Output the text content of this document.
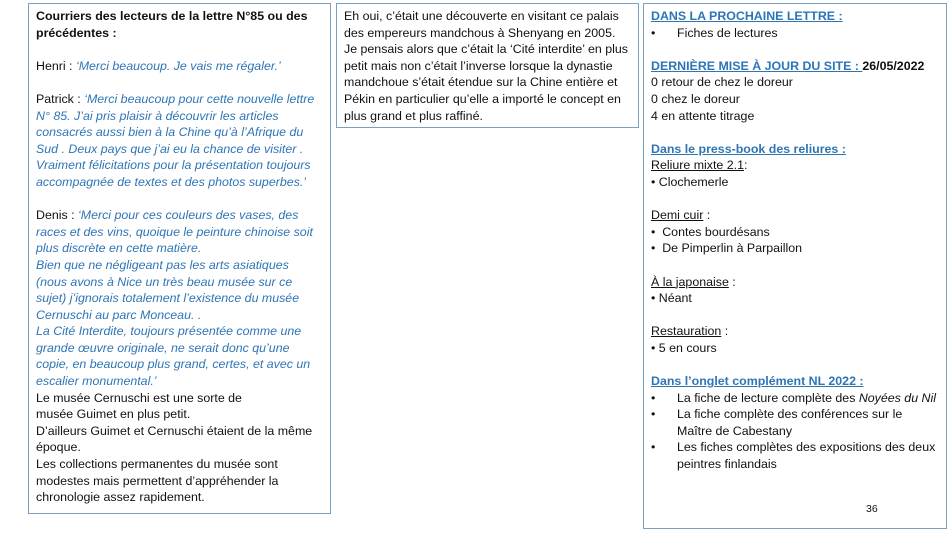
Courriers des lecteurs de la lettre N°85 ou des précédentes :

Henri : ‘Merci beaucoup. Je vais me régaler.’

Patrick : ‘Merci beaucoup pour cette nouvelle lettre N° 85. J’ai pris plaisir à découvrir les articles consacrés aussi bien à la Chine qu’à l’Afrique du Sud . Deux pays que j’ai eu la chance de visiter . Vraiment félicitations pour la présentation toujours accompagnée de textes et des photos superbes.’

Denis : ‘Merci pour ces couleurs des vases, des races et des vins, quoique le peinture chinoise soit plus discrète en cette matière.

Bien que ne négligeant pas les arts asiatiques (nous avons à Nice un très beau musée sur ce sujet) j’ignorais totalement l’existence du musée Cernuschi au parc Monceau. .

La Cité Interdite, toujours présentée comme une grande œuvre originale, ne serait donc qu’une copie, en beaucoup plus grand, certes, et avec un escalier monumental.’

Le musée Cernuschi est une sorte de

musée Guimet en plus petit.

D’ailleurs Guimet et Cernuschi étaient de la même époque.

Les collections permanentes du musée sont modestes mais permettent d’appréhender la chronologie assez rapidement.

Eh oui, c’était une découverte en visitant ce palais des empereurs mandchous à Shenyang en 2005. Je pensais alors que c’était la ‘Cité interdite’ en plus petit mais non c’était l’inverse lorsque la dynastie mandchoue s’était étendue sur la Chine entière et Pékin en particulier qu’elle a importé le concept en plus grand et plus raffiné.

DANS LA PROCHAINE LETTRE :

•	Fiches de lectures

DERNIÈRE MISE À JOUR DU SITE : 26/05/2022

0 retour de chez le doreur

0 chez le doreur

4 en attente titrage

Dans le press-book des reliures :

Reliure mixte 2.1:

• Clochemerle

Demi cuir :

•  Contes bourdésans

•  De Pimperlin à Parpaillon

À la japonaise :

• Néant

Restauration :

• 5 en cours

Dans l’onglet complément NL 2022 :

•	La fiche de lecture complète des Noyées du Nil
•	La fiche complète des conférences sur le Maître de Cabestany
•	Les fiches complètes des expositions des deux peintres finlandais
36
